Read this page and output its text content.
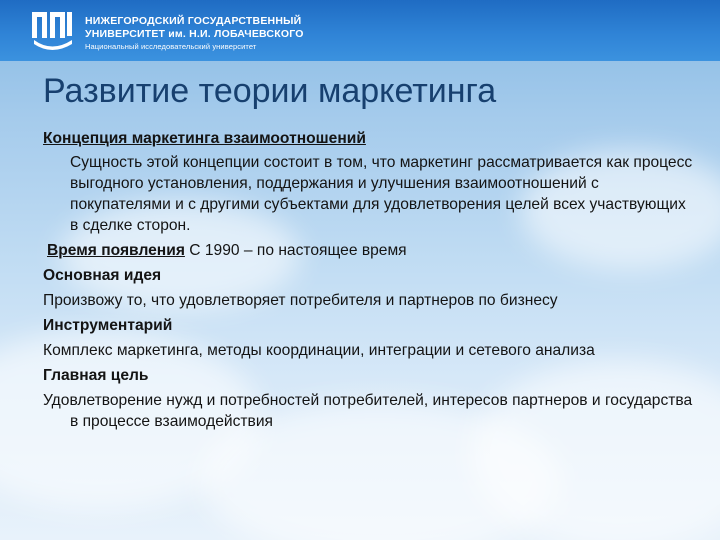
НИЖЕГОРОДСКИЙ ГОСУДАРСТВЕННЫЙ
УНИВЕРСИТЕТ им. Н.И. ЛОБАЧЕВСКОГО
Национальный исследовательский университет
Развитие теории маркетинга
Концепция маркетинга взаимоотношений
Сущность этой концепции состоит в том, что маркетинг рассматривается как процесс выгодного установления, поддержания и улучшения взаимоотношений с покупателями и с другими субъектами для удовлетворения целей всех участвующих в сделке сторон.
Время появления С 1990 – по настоящее время
Основная идея
Произвожу то, что удовлетворяет потребителя и партнеров по бизнесу
Инструментарий
Комплекс маркетинга, методы координации, интеграции и сетевого анализа
Главная цель
Удовлетворение нужд и потребностей потребителей, интересов партнеров и государства в процессе взаимодействия
